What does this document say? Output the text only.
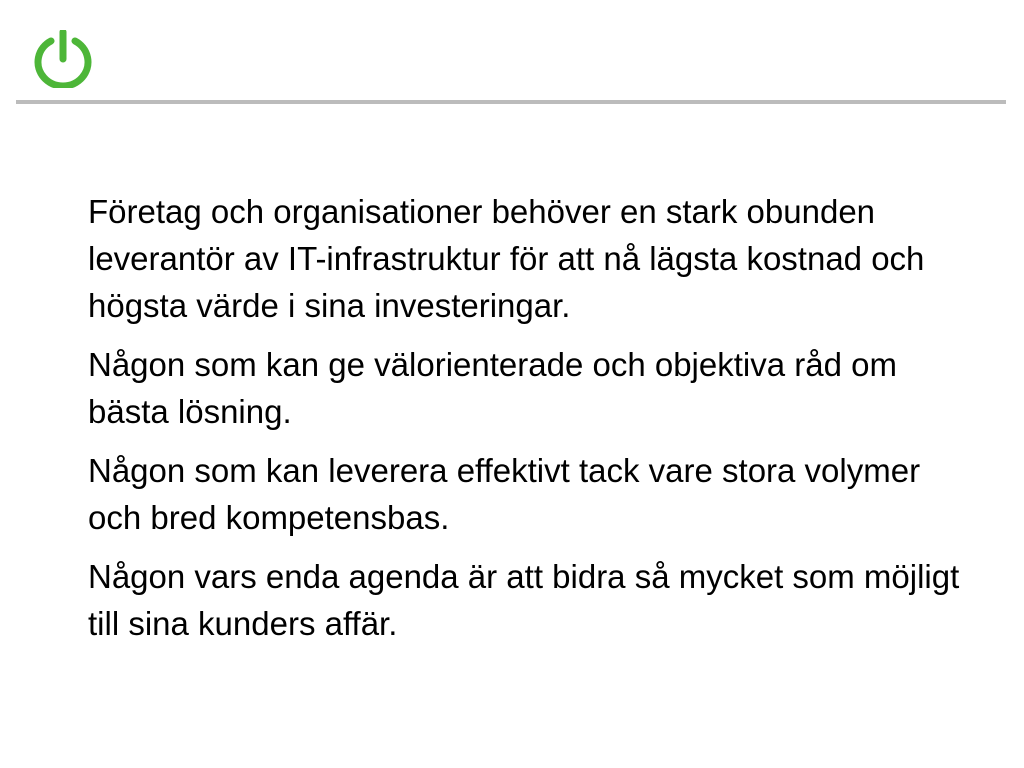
Företag och organisationer behöver en stark obunden leverantör av IT-infrastruktur för att nå lägsta kostnad och högsta värde i sina investeringar.

Någon som kan ge välorienterade och objektiva råd om bästa lösning.

Någon som kan leverera effektivt tack vare stora volymer och bred kompetensbas.

Någon vars enda agenda är att bidra så mycket som möjligt till sina kunders affär.
